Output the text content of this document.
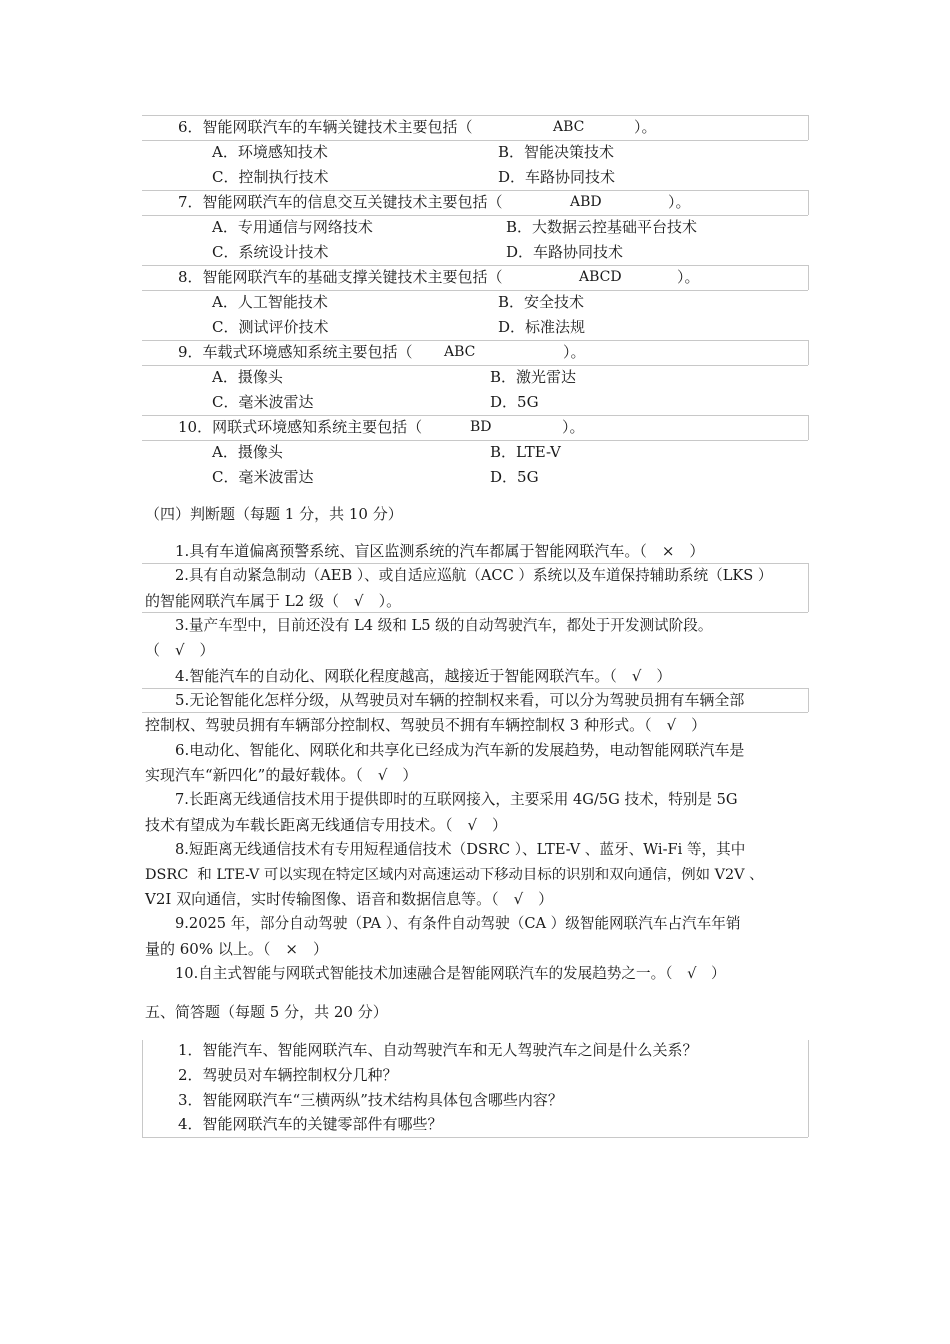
6．智能网联汽车的车辆关键技术主要包括（	ABC	）。
A．环境感知技术	B．智能决策技术
C．控制执行技术	D．车路协同技术
7．智能网联汽车的信息交互关键技术主要包括（	ABD	）。
A．专用通信与网络技术	B．大数据云控基础平台技术
C．系统设计技术	D．车路协同技术
8．智能网联汽车的基础支撑关键技术主要包括（	ABCD	）。
A．人工智能技术	B．安全技术
C．测试评价技术	D．标准法规
9．车载式环境感知系统主要包括（ ABC	）。
A．摄像头	B．激光雷达
C．毫米波雷达	D．5G
10．网联式环境感知系统主要包括（	BD	）。
A．摄像头	B．LTE-V
C．毫米波雷达	D．5G
（四）判断题（每题 1 分，共 10 分）
1.具有车道偏离预警系统、盲区监测系统的汽车都属于智能网联汽车。（　×　）
2.具有自动紧急制动（AEB ）、或自适应巡航（ACC ）系统以及车道保持辅助系统（LKS ）
的智能网联汽车属于 L2 级（　√　）。
3.量产车型中，目前还没有 L4 级和 L5 级的自动驾驶汽车，都处于开发测试阶段。
（　√　）
4.智能汽车的自动化、网联化程度越高，越接近于智能网联汽车。（　√　）
5.无论智能化怎样分级，从驾驶员对车辆的控制权来看，可以分为驾驶员拥有车辆全部
控制权、驾驶员拥有车辆部分控制权、驾驶员不拥有车辆控制权 3 种形式。（　√　）
6.电动化、智能化、网联化和共享化已经成为汽车新的发展趋势，电动智能网联汽车是
实现汽车“新四化”的最好载体。（　√　）
7.长距离无线通信技术用于提供即时的互联网接入，主要采用 4G/5G 技术，特别是 5G
技术有望成为车载长距离无线通信专用技术。（　√　）
8.短距离无线通信技术有专用短程通信技术（DSRC ）、LTE-V 、蓝牙、Wi-Fi 等，其中
DSRC  和 LTE-V 可以实现在特定区域内对高速运动下移动目标的识别和双向通信，例如 V2V 、
V2I 双向通信，实时传输图像、语音和数据信息等。（　√　）
9.2025 年，部分自动驾驶（PA ）、有条件自动驾驶（CA ）级智能网联汽车占汽车年销
量的 60% 以上。（　×　）
10.自主式智能与网联式智能技术加速融合是智能网联汽车的发展趋势之一。（　√　）
五、简答题（每题 5 分，共 20 分）
1．智能汽车、智能网联汽车、自动驾驶汽车和无人驾驶汽车之间是什么关系？
2．驾驶员对车辆控制权分几种？
3．智能网联汽车“三横两纵”技术结构具体包含哪些内容？
4．智能网联汽车的关键零部件有哪些？
